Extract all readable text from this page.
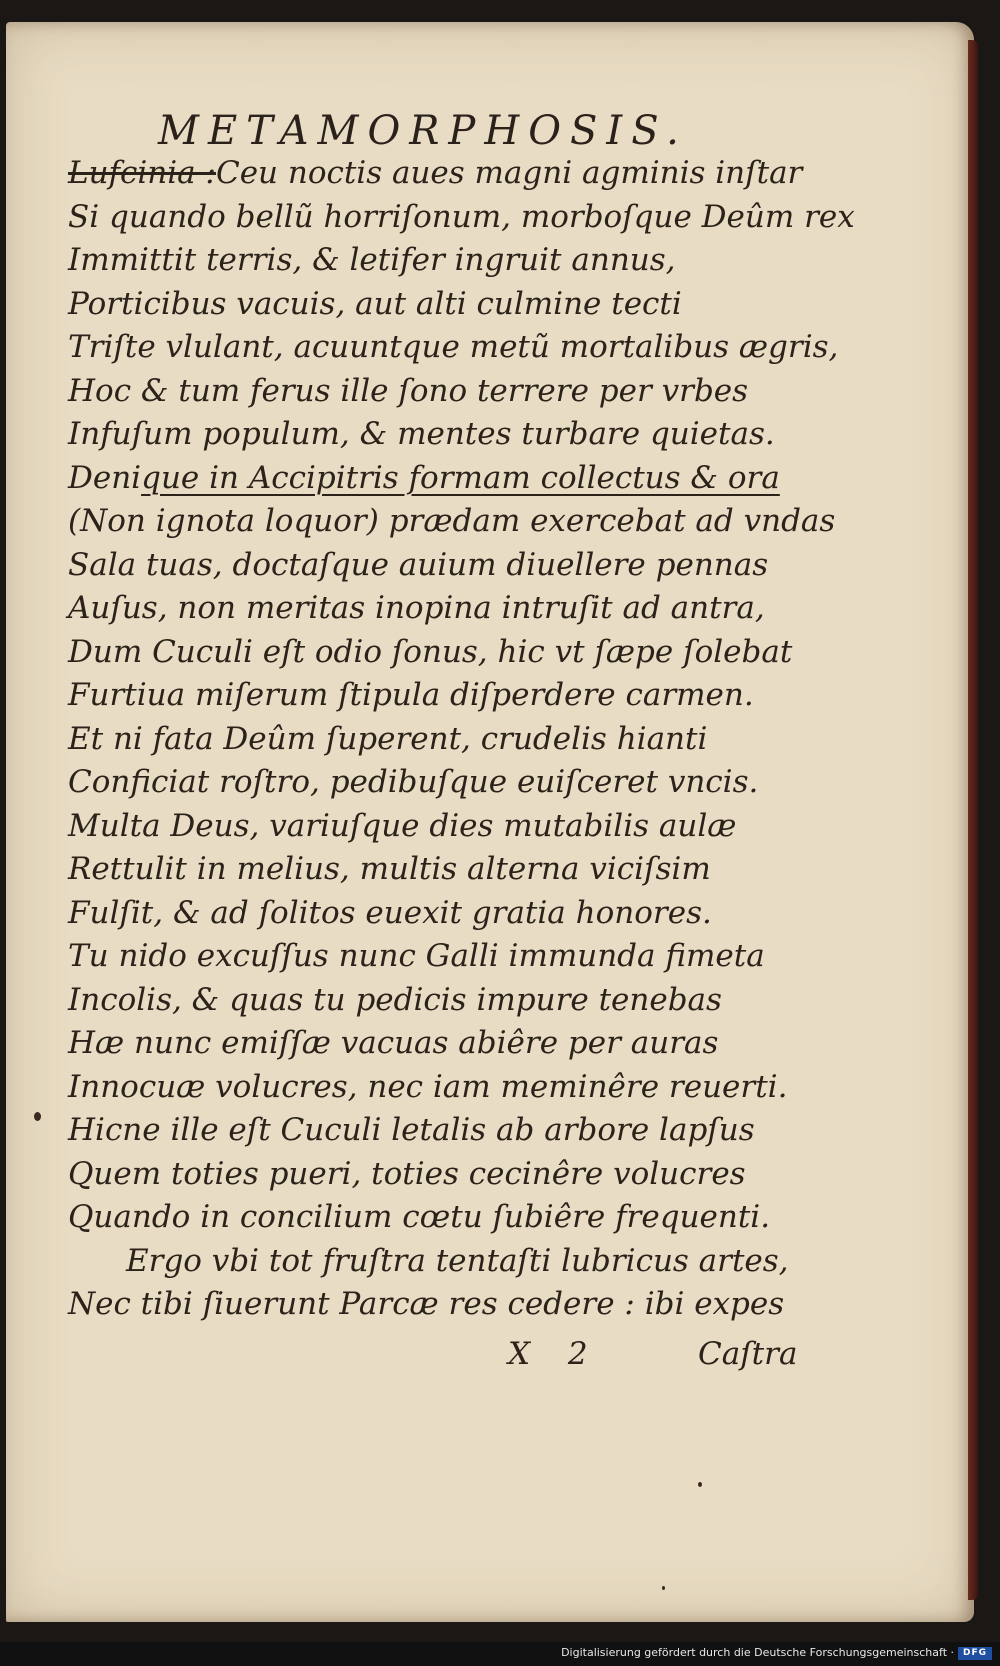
METAMORPHOSIS.
Lufcinia :Ceu noctis aues magni agminis inſtar
Si quando bellũ horriſonum, morboſque Deûm rex
Immittit terris, & letifer ingruit annus,
Porticibus vacuis, aut alti culmine tecti
Triſte vlulant, acuuntque metũ mortalibus ægris,
Hoc & tum ferus ille ſono terrere per vrbes
Infuſum populum, & mentes turbare quietas.
Denique in Accipitris formam collectus & ora
(Non ignota loquor) prædam exercebat ad vndas
Sala tuas, doctaſque auium diuellere pennas
Auſus, non meritas inopina intruſit ad antra,
Dum Cuculi eſt odio ſonus, hic vt ſæpe ſolebat
Furtiua miſerum ſtipula diſperdere carmen.
Et ni fata Deûm ſuperent, crudelis hianti
Conficiat roſtro, pedibuſque euiſceret vncis.
Multa Deus, variuſque dies mutabilis aulæ
Rettulit in melius, multis alterna viciſsim
Fulſit, & ad ſolitos euexit gratia honores.
Tu nido excuſſus nunc Galli immunda fimeta
Incolis, & quas tu pedicis impure tenebas
Hæ nunc emiſſæ vacuas abiêre per auras
Innocuæ volucres, nec iam meminêre reuerti.
Hicne ille eſt Cuculi letalis ab arbore lapſus
Quem toties pueri, toties cecinêre volucres
Quando in concilium cœtu ſubiêre frequenti.
Ergo vbi tot fruſtra tentaſti lubricus artes,
Nec tibi ſiuerunt Parcæ res cedere : ibi expes
X 2	Caſtra
Digitalisierung gefördert durch die Deutsche Forschungsgemeinschaft · DFG
